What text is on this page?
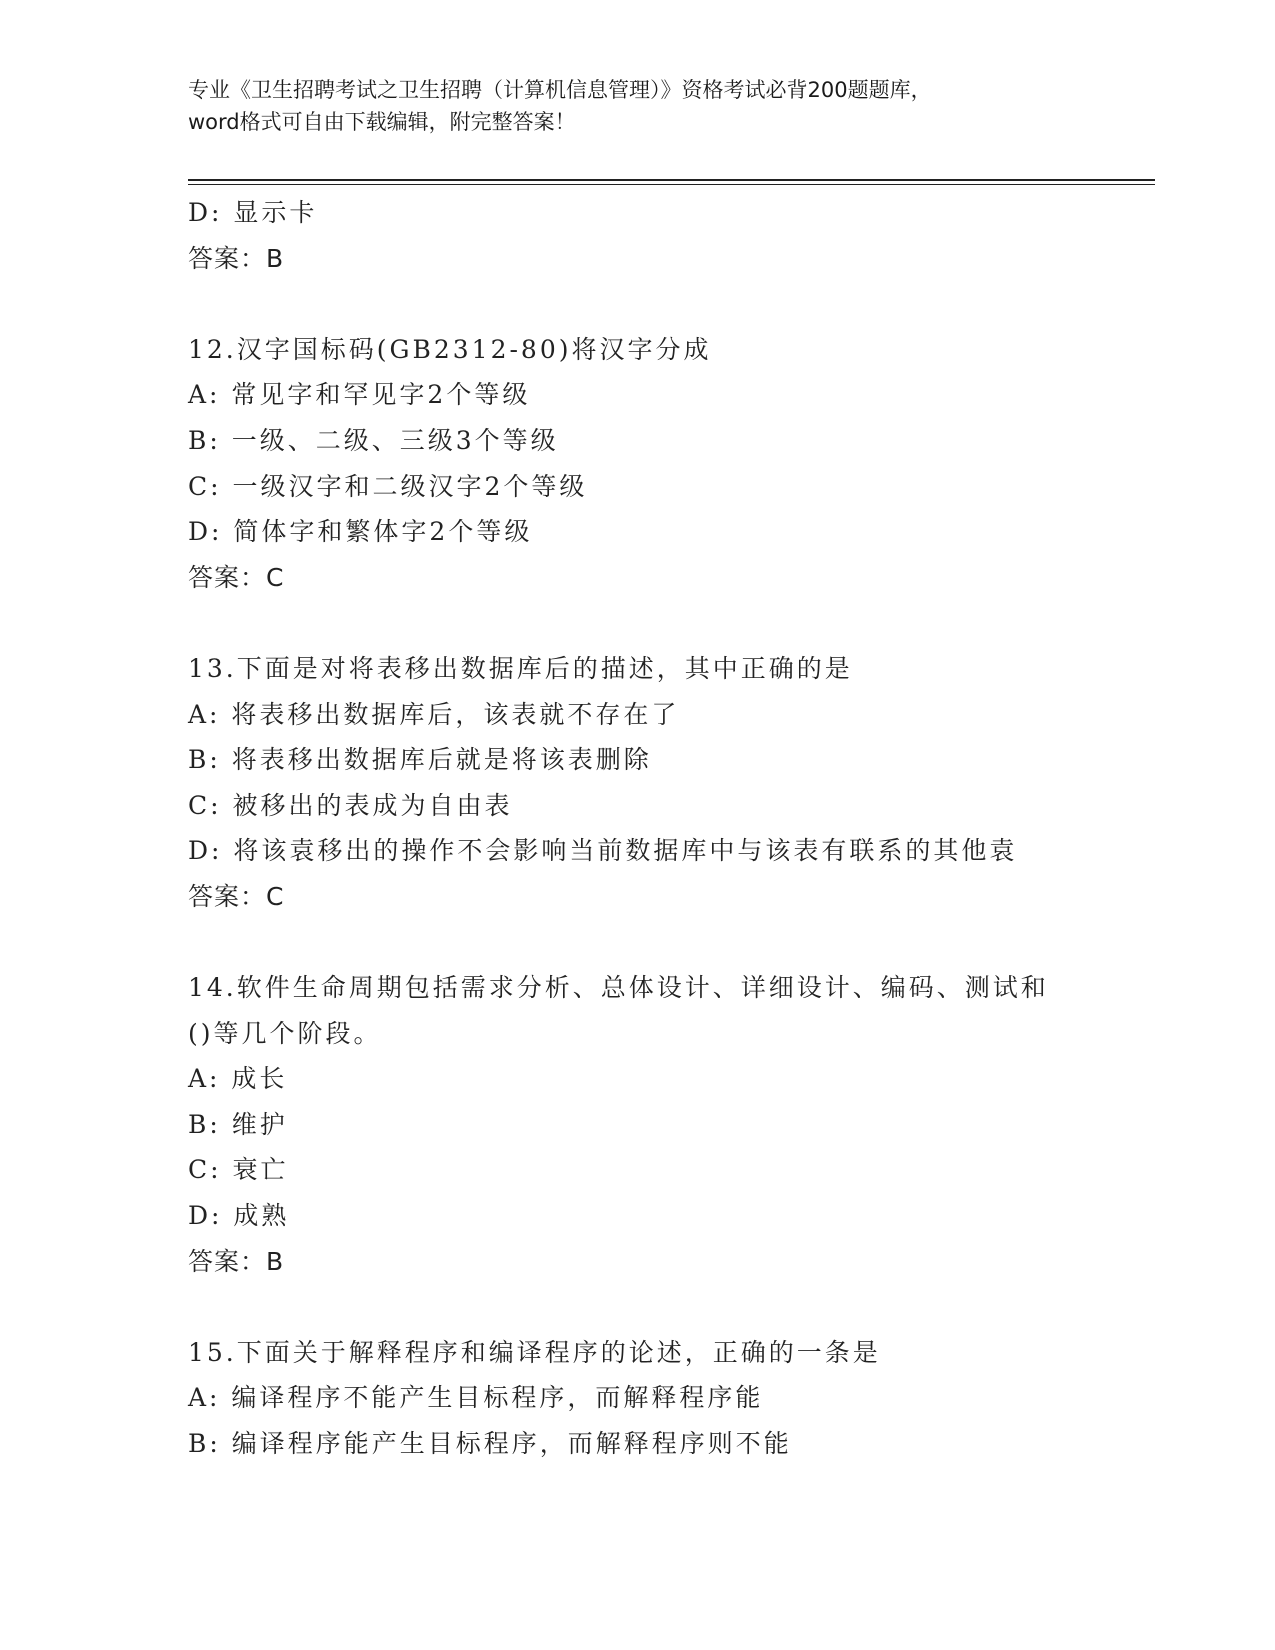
专业《卫生招聘考试之卫生招聘（计算机信息管理）》资格考试必背200题题库，
word格式可自由下载编辑，附完整答案！
D: 显示卡
答案：B
12.汉字国标码(GB2312-80)将汉字分成
A: 常见字和罕见字2个等级
B: 一级、二级、三级3个等级
C: 一级汉字和二级汉字2个等级
D: 简体字和繁体字2个等级
答案：C
13.下面是对将表移出数据库后的描述，其中正确的是
A: 将表移出数据库后，该表就不存在了
B: 将表移出数据库后就是将该表删除
C: 被移出的表成为自由表
D: 将该袁移出的操作不会影响当前数据库中与该表有联系的其他袁
答案：C
14.软件生命周期包括需求分析、总体设计、详细设计、编码、测试和
()等几个阶段。
A: 成长
B: 维护
C: 衰亡
D: 成熟
答案：B
15.下面关于解释程序和编译程序的论述，正确的一条是
A: 编译程序不能产生目标程序，而解释程序能
B: 编译程序能产生目标程序，而解释程序则不能
